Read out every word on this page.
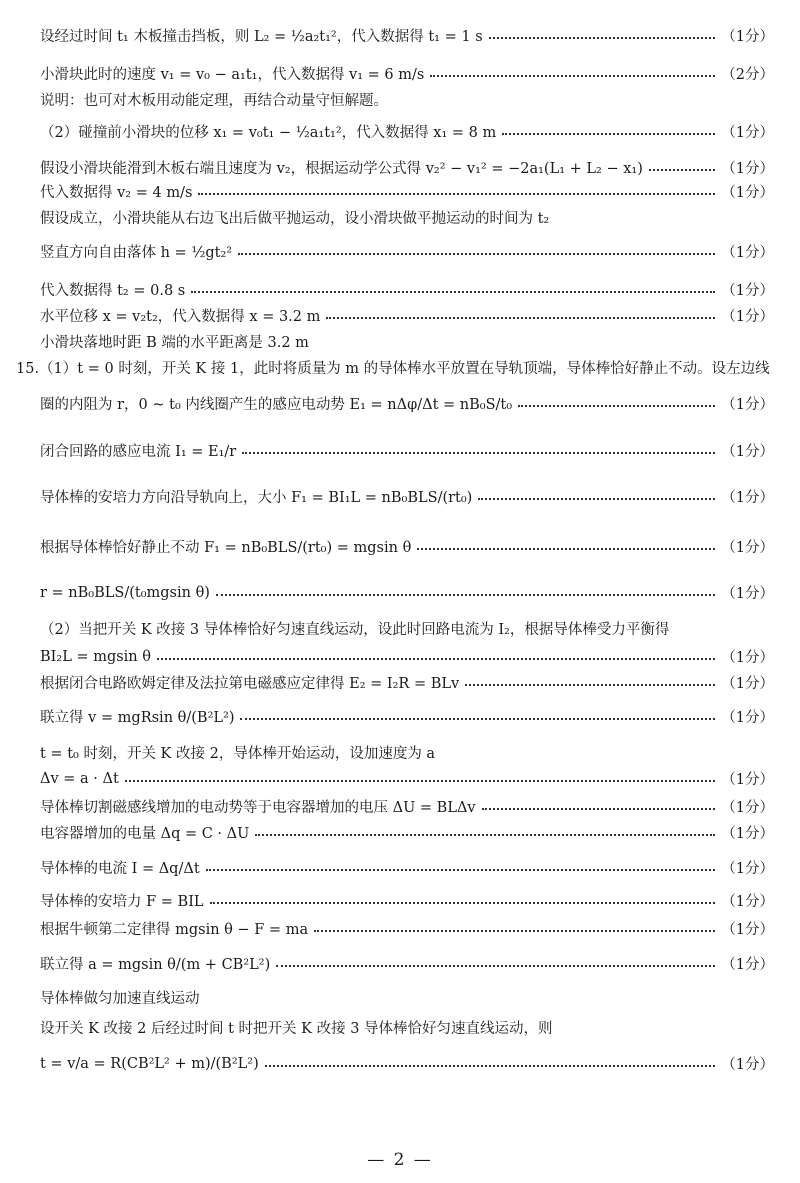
设经过时间 t₁ 木板撞击挡板，则 L₂ = ½a₂t₁²，代入数据得 t₁ = 1 s	（1分）
小滑块此时的速度 v₁ = v₀ − a₁t₁，代入数据得 v₁ = 6 m/s	（2分）
说明：也可对木板用动能定理，再结合动量守恒解题。
（2）碰撞前小滑块的位移 x₁ = v₀t₁ − ½a₁t₁²，代入数据得 x₁ = 8 m	（1分）
假设小滑块能滑到木板右端且速度为 v₂，根据运动学公式得 v₂² − v₁² = −2a₁(L₁ + L₂ − x₁)	（1分）
代入数据得 v₂ = 4 m/s	（1分）
假设成立，小滑块能从右边飞出后做平抛运动，设小滑块做平抛运动的时间为 t₂
竖直方向自由落体 h = ½gt₂²	（1分）
代入数据得 t₂ = 0.8 s	（1分）
水平位移 x = v₂t₂，代入数据得 x = 3.2 m	（1分）
小滑块落地时距 B 端的水平距离是 3.2 m
15.（1）t = 0 时刻，开关 K 接 1，此时将质量为 m 的导体棒水平放置在导轨顶端，导体棒恰好静止不动。设左边线
圈的内阻为 r，0 ~ t₀ 内线圈产生的感应电动势 E₁ = nΔφ/Δt = nB₀S/t₀	（1分）
闭合回路的感应电流 I₁ = E₁/r	（1分）
导体棒的安培力方向沿导轨向上，大小 F₁ = BI₁L = nB₀BLS/(rt₀)	（1分）
根据导体棒恰好静止不动 F₁ = nB₀BLS/(rt₀) = mgsin θ	（1分）
r = nB₀BLS/(t₀mgsin θ)	（1分）
（2）当把开关 K 改接 3 导体棒恰好匀速直线运动，设此时回路电流为 I₂，根据导体棒受力平衡得
BI₂L = mgsin θ	（1分）
根据闭合电路欧姆定律及法拉第电磁感应定律得 E₂ = I₂R = BLv	（1分）
联立得 v = mgRsin θ/(B²L²)	（1分）
t = t₀ 时刻，开关 K 改接 2，导体棒开始运动，设加速度为 a
Δv = a · Δt	（1分）
导体棒切割磁感线增加的电动势等于电容器增加的电压 ΔU = BLΔv	（1分）
电容器增加的电量 Δq = C · ΔU	（1分）
导体棒的电流 I = Δq/Δt	（1分）
导体棒的安培力 F = BIL	（1分）
根据牛顿第二定律得 mgsin θ − F = ma	（1分）
联立得 a = mgsin θ/(m + CB²L²)	（1分）
导体棒做匀加速直线运动
设开关 K 改接 2 后经过时间 t 时把开关 K 改接 3 导体棒恰好匀速直线运动，则
t = v/a = R(CB²L² + m)/(B²L²)	（1分）
— 2 —
